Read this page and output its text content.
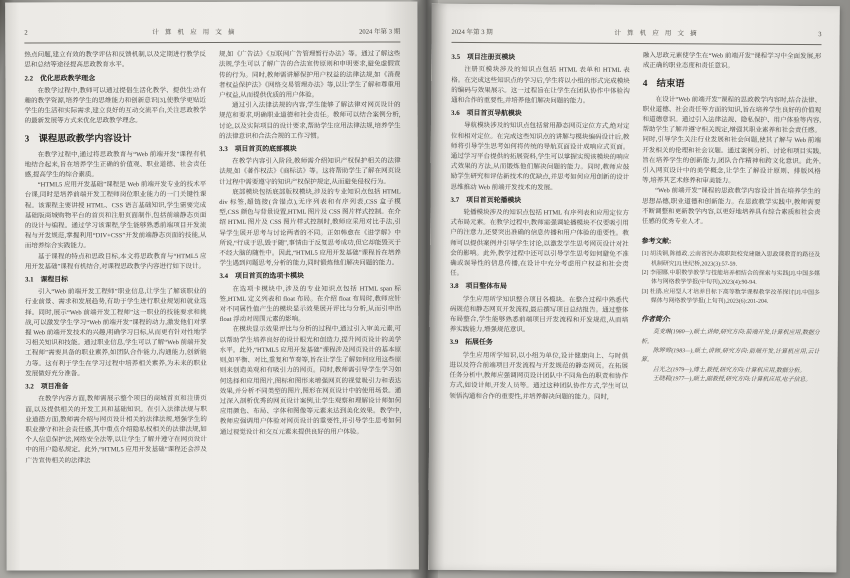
2	计算机应用文摘	2024 年第 3 期
热点问题,建立有效的教学评估和反馈机制,以及定期进行教学反思和总结等途径提高思政教育水平。
2.2　优化思政教学理念
在教学过程中,教师可以通过提倡生活化教学、提供生动有趣的教学资源,培养学生的思维能力和创新意识[3],使教学更贴近学生的生活和实际需求,建立良好的互动交流平台,关注思政教学的最新发展等方式来优化思政教学理念。
3　课程思政教学内容设计
在教学过程中,通过将思政教育与“Web 前端开发”课程有机地结合起来,旨在培养学生正确的价值观、职业道德、社会责任感,提高学生的综合素质。
“HTML5 应用开发基础”课程是 Web 前端开发专业的技术平台课,同时是培养前端开发工程师岗位职业能力的一门关键性课程。该课程主要讲授 HTML、CSS 语言基础知识,学生需要完成基础版商城购物平台的首页和注册页面制作,包括前端静态页面的设计与编程。通过学习该课程,学生能够熟悉前端项目开发流程与开发规范,掌握利用“DIV+CSS”开发前端静态页面的技能,从而培养综合实践能力。
基于课程的特点和思政目标,本文将思政教育与“HTML5 应用开发基础”课程有机结合,对课程思政教学内容进行如下设计。
3.1　课程目标
引入“Web 前端开发工程师”职业信息,让学生了解该职业的行业前景、需求和发展趋势,有助于学生进行职业规划和就业选择。同时,展示“Web 前端开发工程师”这一职业的技能要求和挑战,可以激发学生学习“Web 前端开发”课程的动力,激发他们对掌握 Web 前端开发技术的兴趣,明确学习目标,从而更有针对性地学习相关知识和技能。通过职业信息,学生可以了解“Web 前端开发工程师”需要具备的职业素养,如团队合作能力,沟通能力,创新能力等。这有利于学生在学习过程中培养相关素养,为未来的职业发展做好充分准备。
3.2　项目准备
在教学内容方面,教师需展示整个项目的商城首页和注册页面,以及提供相关的开发工具和基础知识。在引入法律法规与职业道德方面,教师需介绍与网页设计相关的法律法规,增强学生的职业操守和社会责任感,其中重点介绍隐私权相关的法律法规,如个人信息保护法,网络安全法等,以让学生了解并遵守在网页设计中的用户隐私规定。此外,“HTML5 应用开发基础”课程还会涉及广告宣传相关的法律法
规,如《广告法》《互联网广告管理暂行办法》等。通过了解这些法规,学生可以了解广告的合法宣传原则和申明要求,避免虚假宣传的行为。同时,教师需讲解保护用户权益的法律法规,如《消费者权益保护法》《网络交易管理办法》等,以让学生了解和尊重用户权益,从而提供优质的用户体验。
通过引入法律法规的内容,学生能够了解法律对网页设计的规范和要求,明确职业道德和社会责任。教师可以结合案例分析,讨论,以及实际项目的设计要求,帮助学生应用法律法规,培养学生的法律意识和合法合规的工作习惯。
3.3　项目首页的底部模块
在教学内容引入阶段,教师需介绍知识产权保护相关的法律法规,如《著作权法》《商标法》等。这将帮助学生了解在网页设计过程中需要遵守的知识产权保护规定,从而避免侵权行为。
底部模块包括底部版权模块,涉及的专业知识点包括 HTML div 标签,超链接(含锚点),无序列表和有序列表,CSS 盒子模型,CSS 颜色与背景设置,HTML 图片及 CSS 图片样式控制。在介绍 HTML 图片及 CSS 图片样式控制时,教师应采用对比手法,引导学生展开思考与讨论两者的不同。正如韩愈在《进学解》中所说,“行成于思,毁于随”,事情由于反复思考成功,但它却能毁灭于不经大脑的随性中。因此,“HTML5 应用开发基础”课程旨在培养学生遇到问题思考,分析的能力,同时锻炼他们解决问题的能力。
3.4　项目首页的选项卡模块
在选项卡模块中,涉及的专业知识点包括 HTML span 标签,HTML 定义列表和 float 布局。在介绍 float 布局时,教师应针对不同属性值产生的模块显示效果展开评比与分析,从而引申出 float 浮动对周围元素的影响。
在模块显示效果评比与分析的过程中,通过引入审美元素,可以帮助学生培养良好的设计眼光和创造力,提升网页设计的美学水平。此外,“HTML5 应用开发基础”课程涉及网页设计的基本原则,如平衡、对比,重复和节奏等,旨在让学生了解如何应用这些原则来创造美观和有吸引力的网页。同时,教师需引导学生学习如何选择和应用图片,图标和图形来增强网页的视觉吸引力和表达效果,并分析不同类型的图片,图形在网页设计中的使用场景。通过深入剖析优秀的网页设计案例,让学生观察和理解设计师如何应用颜色、布局、字体和图像等元素来达到美化效果。教学中,教师应强调用户体验对网页设计的重要性,并引导学生思考如何通过视觉设计和交互元素来提供良好的用户体验。
2024 年第 3 期	计算机应用文摘	3
3.5　项目注册页模块
注册页模块涉及的知识点包括 HTML 表单和 HTML 表格。在完成这些知识点的学习后,学生将以小组的形式完成模块的编码与效果展示。这一过程旨在让学生在团队协作中体验沟通和合作的重要性,并培养他们解决问题的能力。
3.6　项目首页导航模块
导航模块涉及的知识点包括常用静态网页定位方式,绝对定位和相对定位。在完成这些知识点的讲解与模块编码设计后,教师将引导学生思考如何将传统的导航页面设计成响应式页面。通过学习平台提供的拓展资料,学生可以掌握实现该模块的响应式效果的方法,从而锻炼他们解决问题的能力。同时,教师应鼓励学生研究和评估新技术的优缺点,并思考如何应用创新的设计思维推动 Web 前端开发技术的发展。
3.7　项目首页轮播模块
轮播模块涉及的知识点包括 HTML 有序列表和应用定位方式布局元素。在教学过程中,教师需强调轮播模块不仅要吸引用户的注意力,还要突出准确的信息传播和用户体验的重要性。教师可以提供案例并引导学生讨论,以激发学生思考网页设计对社会的影响。此外,教学过程中还可以引导学生思考如何避免不准确或误导性的信息传播,在设计中充分考虑用户权益和社会责任。
3.8　项目整体布局
学生应用所学知识整合项目各模块。在整合过程中熟悉代码规范和静态网页开发流程,最后撰写项目总结报告。通过整体布局整合,学生能够熟悉前端项目开发流程和开发规范,从而培养实践能力,增强规范意识。
3.9　拓展任务
学生应用所学知识,以小组为单位,设计健康向上、与时俱进以及符合前端项目开发流程与开发规范的静态网页。在拓展任务分析中,教师应强调网页设计团队中不同角色的职责和协作方式,如设计师,开发人员等。通过这种团队协作方式,学生可以领悟沟通和合作的重要性,并培养解决问题的能力。同时,
融入思政元素使学生在“Web 前端开发”课程学习中全面发展,形成正确的职业态度和责任意识。
4　结束语
在设计“Web 前端开发”课程的思政教学内容时,结合法律、职业道德、社会责任等方面的知识,旨在培养学生良好的价值观和道德意识。通过引入法律法规、隐私保护、用户体验等内容,帮助学生了解并遵守相关规定,增强其职业素养和社会责任感。同时,引导学生关注行业发展和社会问题,使其了解与 Web 前端开发相关的伦理和社会议题。通过案例分析、讨论和项目实践,旨在培养学生的创新能力,团队合作精神和跨文化意识。此外,引入网页设计中的美学概念,让学生了解设计原则、排版风格等,培养其艺术修养和审美能力。
“Web 前端开发”课程的思政教学内容设计旨在培养学生的思想品德,职业道德和创新能力。在思政教学实践中,教师需要不断调整和更新教学内容,以更好地培养具有综合素质和社会责任感的优秀专业人才。
参考文献:
[1] 胡浅铜,陈德政.云南省民办高职院校党建融入思政课教育的路径及机制研究[J].世纪桥,2023(3):57-59.
[2] 李丽娜.中职数学教学与技能培养相结合的探索与实践[J].中国多媒体与网络教学学报(中旬刊),2023(4):90-94.
[3] 杜鹃.应用型人才培养目标下高等数学课程教学改革探讨[J].中国多媒体与网络教学学报(上旬刊),2023(6):201-204.
作者简介:
莫麦琳(1980—),硕士,讲师,研究方向:前端开发,计算机应用,数据分析。
陈晔晔(1983—),硕士,讲师,研究方向:前端开发,计算机应用,云计算。
吕光之(1979—),博士,教授,研究方向:计算机应用,数据分析。
王晓莉(1977—),硕士,副教授,研究方向:计算机应用,电子信息。
